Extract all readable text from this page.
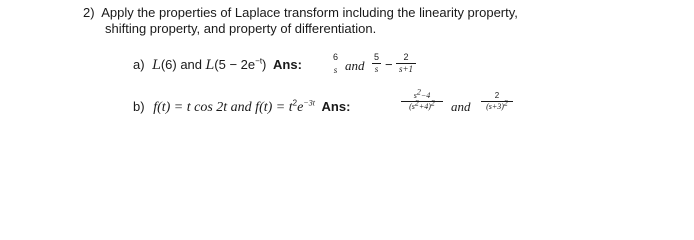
2) Apply the properties of Laplace transform including the linearity property,
shifting property, and property of differentiation.
a) L(6) and $L(5 - 2e^{-t})$ Ans:	6
s and
5
s −	2
s+1
b) f(t) = t cos 2t and $f(t) = t^2e^{-3t}$ Ans:
$s^2-4$
$(s^2+4)^2$	and
2
$(s+3)^2$
